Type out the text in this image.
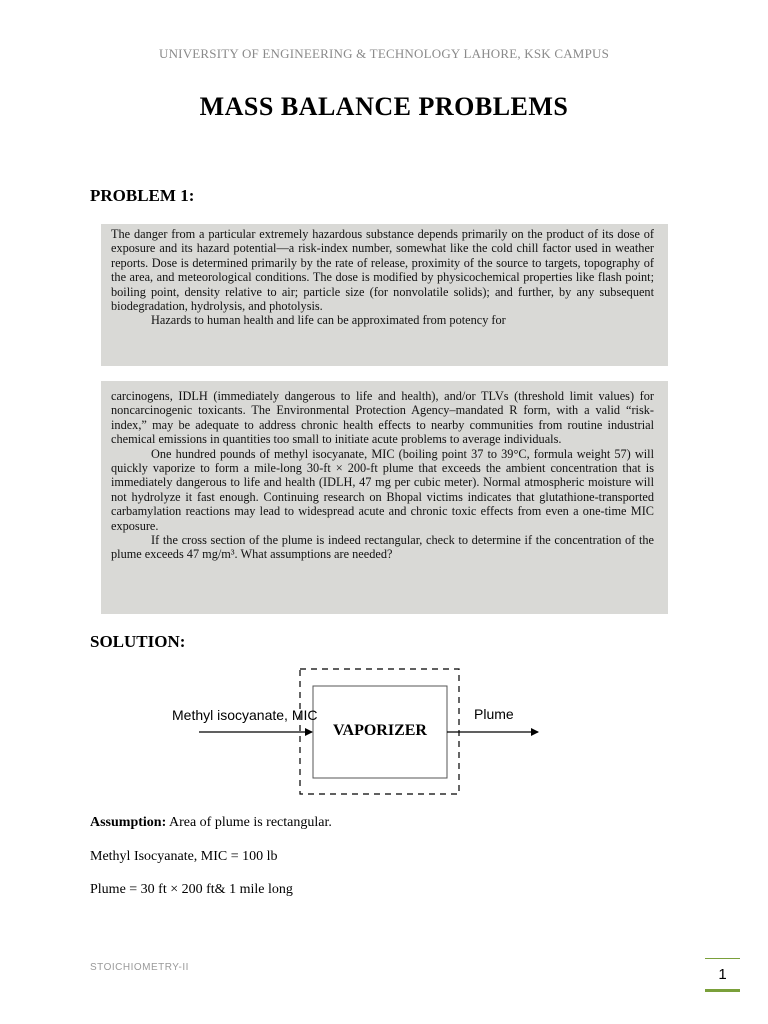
UNIVERSITY OF ENGINEERING & TECHNOLOGY LAHORE, KSK CAMPUS
MASS BALANCE PROBLEMS
PROBLEM 1:

The danger from a particular extremely hazardous substance depends primarily on the product of its dose of exposure and its hazard potential—a risk-index number, somewhat like the cold chill factor used in weather reports. Dose is determined primarily by the rate of release, proximity of the source to targets, topography of the area, and meteorological conditions. The dose is modified by physicochemical properties like flash point; boiling point, density relative to air; particle size (for nonvolatile solids); and further, by any subsequent biodegradation, hydrolysis, and photolysis.

Hazards to human health and life can be approximated from potency for

carcinogens, IDLH (immediately dangerous to life and health), and/or TLVs (threshold limit values) for noncarcinogenic toxicants. The Environmental Protection Agency–mandated R form, with a valid “risk-index,” may be adequate to address chronic health effects to nearby communities from routine industrial chemical emissions in quantities too small to initiate acute problems to average individuals.

One hundred pounds of methyl isocyanate, MIC (boiling point 37 to 39°C, formula weight 57) will quickly vaporize to form a mile-long 30-ft × 200-ft plume that exceeds the ambient concentration that is immediately dangerous to life and health (IDLH, 47 mg per cubic meter). Normal atmospheric moisture will not hydrolyze it fast enough. Continuing research on Bhopal victims indicates that glutathione-transported carbamylation reactions may lead to widespread acute and chronic toxic effects from even a one-time MIC exposure.

If the cross section of the plume is indeed rectangular, check to determine if the concentration of the plume exceeds 47 mg/m³. What assumptions are needed?

SOLUTION:
Methyl isocyanate, MIC
VAPORIZER
Plume
Assumption: Area of plume is rectangular.
Methyl Isocyanate, MIC = 100 lb
Plume = 30 ft × 200 ft& 1 mile long
STOICHIOMETRY-II	1
